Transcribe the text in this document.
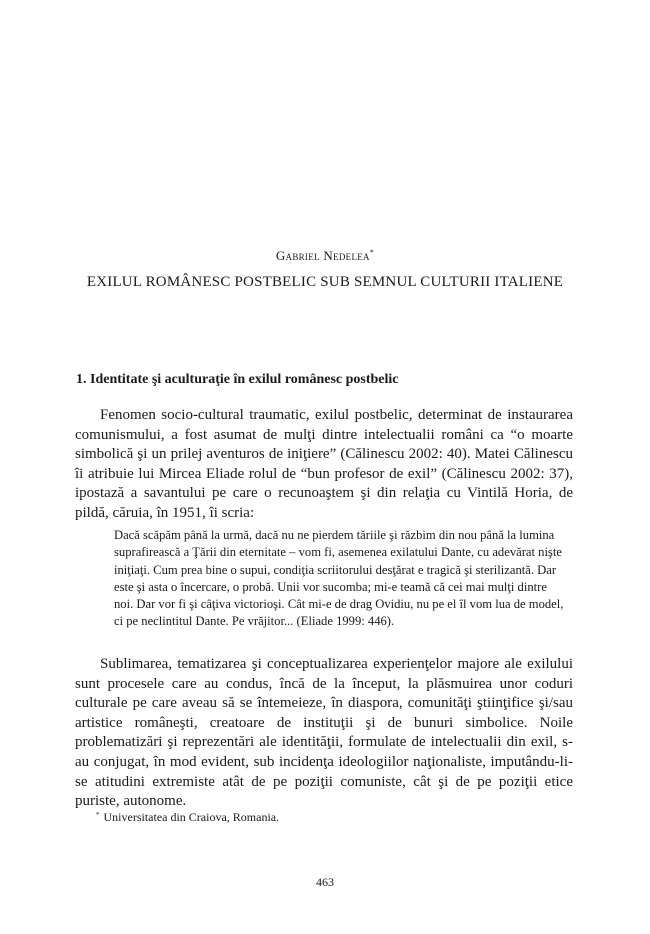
Gabriel Nedelea*
EXILUL ROMÂNESC POSTBELIC SUB SEMNUL CULTURII ITALIENE
1. Identitate şi aculturaţie în exilul românesc postbelic

Fenomen socio-cultural traumatic, exilul postbelic, determinat de instaurarea comunismului, a fost asumat de mulţi dintre intelectualii români ca “o moarte simbolică şi un prilej aventuros de iniţiere” (Călinescu 2002: 40). Matei Călinescu îi atribuie lui Mircea Eliade rolul de “bun profesor de exil” (Călinescu 2002: 37), ipostază a savantului pe care o recunoaştem şi din relaţia cu Vintilă Horia, de pildă, căruia, în 1951, îi scria:

Dacă scăpăm până la urmă, dacă nu ne pierdem tăriile şi răzbim din nou până la lumina suprafirească a Ţării din eternitate – vom fi, asemenea exilatului Dante, cu adevărat nişte iniţiaţi. Cum prea bine o supui, condiţia scriitorului desţărat e tragică şi sterilizantă. Dar este şi asta o încercare, o probă. Unii vor sucomba; mi-e teamă că cei mai mulţi dintre noi. Dar vor fi şi câţiva victorioşi. Cât mi-e de drag Ovidiu, nu pe el îl vom lua de model, ci pe neclintitul Dante. Pe vrăjitor... (Eliade 1999: 446).

Sublimarea, tematizarea şi conceptualizarea experienţelor majore ale exilului sunt procesele care au condus, încă de la început, la plăsmuirea unor coduri culturale pe care aveau să se întemeieze, în diaspora, comunităţi ştiinţifice şi/sau artistice româneşti, creatoare de instituţii şi de bunuri simbolice. Noile problematizări şi reprezentări ale identităţii, formulate de intelectualii din exil, s-au conjugat, în mod evident, sub incidenţa ideologiilor naţionaliste, imputându-li-se atitudini extremiste atât de pe poziţii comuniste, cât şi de pe poziţii etice puriste, autonome.

* Universitatea din Craiova, Romania.
463
